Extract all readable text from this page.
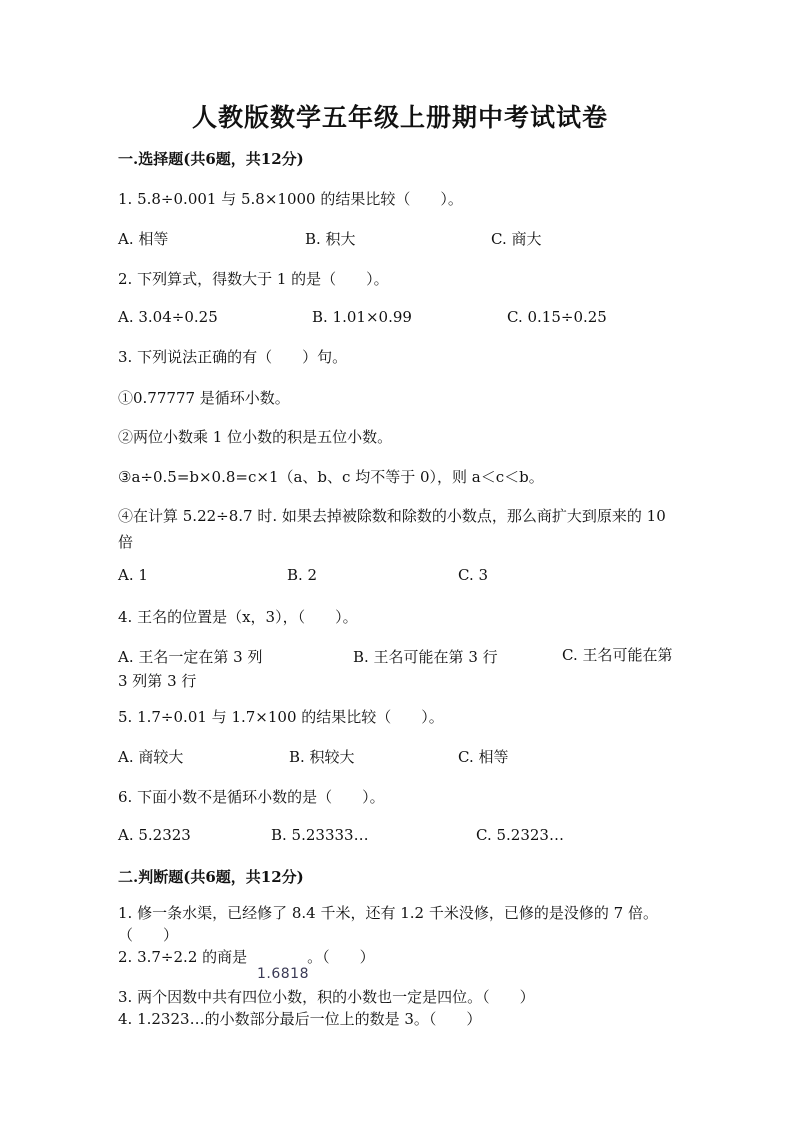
人教版数学五年级上册期中考试试卷
一.选择题(共6题，共12分)
1. 5.8÷0.001 与 5.8×1000 的结果比较（　　）。
A. 相等	B. 积大	C. 商大
2. 下列算式，得数大于 1 的是（　　）。
A. 3.04÷0.25	B. 1.01×0.99	C. 0.15÷0.25
3. 下列说法正确的有（　　）句。
①0.77777 是循环小数。
②两位小数乘 1 位小数的积是五位小数。
③a÷0.5=b×0.8=c×1（a、b、c 均不等于 0），则 a＜c＜b。
④在计算 5.22÷8.7 时. 如果去掉被除数和除数的小数点，那么商扩大到原来的 10 倍
A. 1	B. 2	C. 3
4. 王名的位置是（x，3），（　　）。
A. 王名一定在第 3 列	B. 王名可能在第 3 行	C. 王名可能在第 3 列第 3 行
5. 1.7÷0.01 与 1.7×100 的结果比较（　　）。
A. 商较大	B. 积较大	C. 相等
6. 下面小数不是循环小数的是（　　）。
A. 5.2323	B. 5.23333…	C. 5.2323…
二.判断题(共6题，共12分)
1. 修一条水渠，已经修了 8.4 千米，还有 1.2 千米没修，已修的是没修的 7 倍。（　　）
2. 3.7÷2.2 的商是　　　　。（　　）
1.6818
3. 两个因数中共有四位小数，积的小数也一定是四位。（　　）
4. 1.2323…的小数部分最后一位上的数是 3。（　　）
